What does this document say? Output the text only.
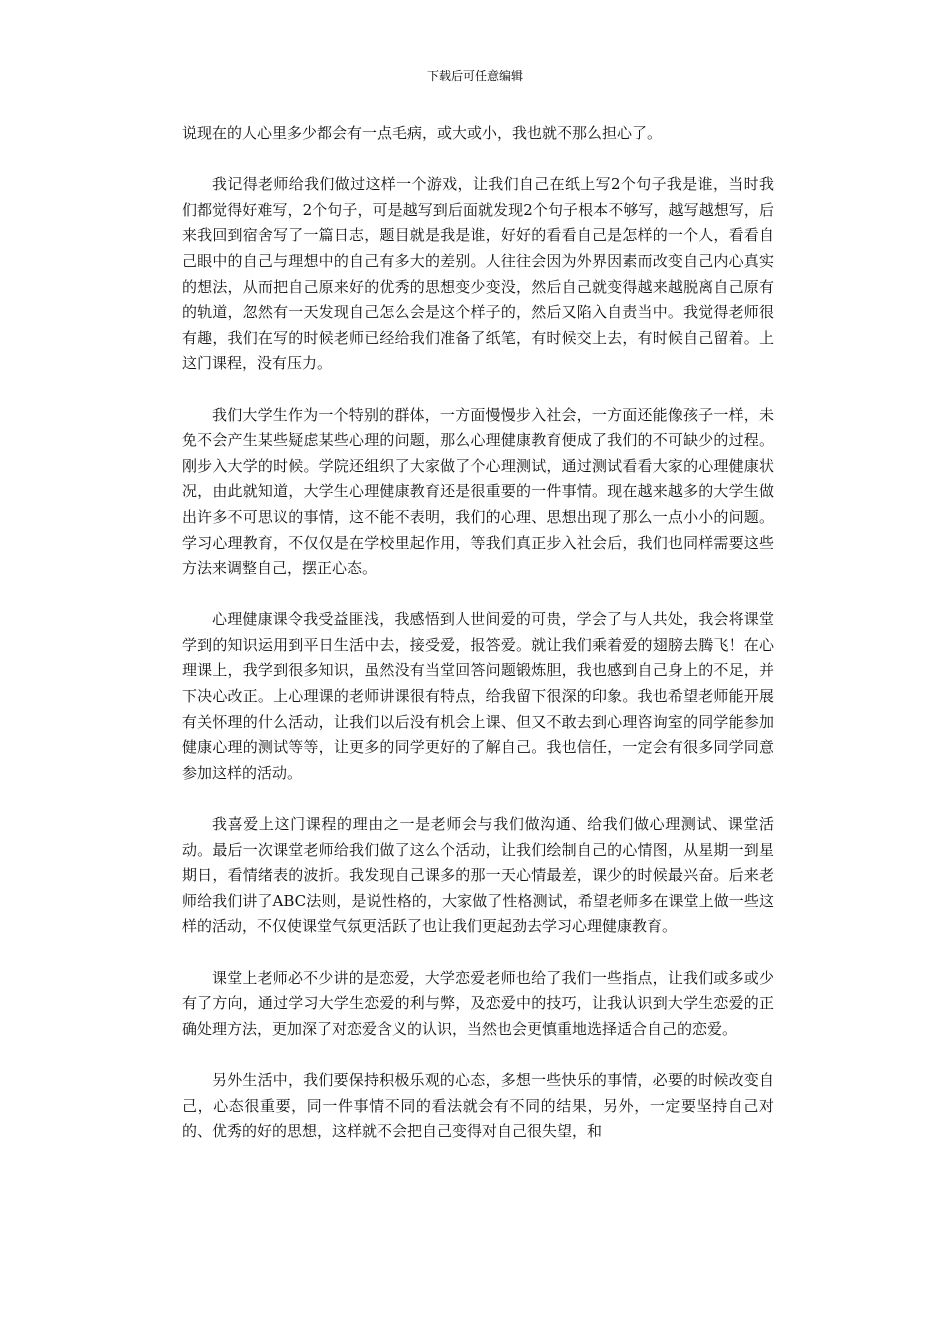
下载后可任意编辑

说现在的人心里多少都会有一点毛病，或大或小，我也就不那么担心了。

我记得老师给我们做过这样一个游戏，让我们自己在纸上写2个句子我是谁，当时我们都觉得好难写，2个句子，可是越写到后面就发现2个句子根本不够写，越写越想写，后来我回到宿舍写了一篇日志，题目就是我是谁，好好的看看自己是怎样的一个人，看看自己眼中的自己与理想中的自己有多大的差别。人往往会因为外界因素而改变自己内心真实的想法，从而把自己原来好的优秀的思想变少变没，然后自己就变得越来越脱离自己原有的轨道，忽然有一天发现自己怎么会是这个样子的，然后又陷入自责当中。我觉得老师很有趣，我们在写的时候老师已经给我们准备了纸笔，有时候交上去，有时候自己留着。上这门课程，没有压力。

我们大学生作为一个特别的群体，一方面慢慢步入社会，一方面还能像孩子一样，未免不会产生某些疑虑某些心理的问题，那么心理健康教育便成了我们的不可缺少的过程。刚步入大学的时候。学院还组织了大家做了个心理测试，通过测试看看大家的心理健康状况，由此就知道，大学生心理健康教育还是很重要的一件事情。现在越来越多的大学生做出许多不可思议的事情，这不能不表明，我们的心理、思想出现了那么一点小小的问题。学习心理教育，不仅仅是在学校里起作用，等我们真正步入社会后，我们也同样需要这些方法来调整自己，摆正心态。

心理健康课令我受益匪浅，我感悟到人世间爱的可贵，学会了与人共处，我会将课堂学到的知识运用到平日生活中去，接受爱，报答爱。就让我们乘着爱的翅膀去腾飞！在心理课上，我学到很多知识，虽然没有当堂回答问题锻炼胆，我也感到自己身上的不足，并下决心改正。上心理课的老师讲课很有特点，给我留下很深的印象。我也希望老师能开展有关怀理的什么活动，让我们以后没有机会上课、但又不敢去到心理咨询室的同学能参加健康心理的测试等等，让更多的同学更好的了解自己。我也信任，一定会有很多同学同意参加这样的活动。

我喜爱上这门课程的理由之一是老师会与我们做沟通、给我们做心理测试、课堂活动。最后一次课堂老师给我们做了这么个活动，让我们绘制自己的心情图，从星期一到星期日，看情绪表的波折。我发现自己课多的那一天心情最差，课少的时候最兴奋。后来老师给我们讲了ABC法则，是说性格的，大家做了性格测试，希望老师多在课堂上做一些这样的活动，不仅使课堂气氛更活跃了也让我们更起劲去学习心理健康教育。

课堂上老师必不少讲的是恋爱，大学恋爱老师也给了我们一些指点，让我们或多或少有了方向，通过学习大学生恋爱的利与弊，及恋爱中的技巧，让我认识到大学生恋爱的正确处理方法，更加深了对恋爱含义的认识，当然也会更慎重地选择适合自己的恋爱。

另外生活中，我们要保持积极乐观的心态，多想一些快乐的事情，必要的时候改变自己，心态很重要，同一件事情不同的看法就会有不同的结果，另外，一定要坚持自己对的、优秀的好的思想，这样就不会把自己变得对自己很失望，和
